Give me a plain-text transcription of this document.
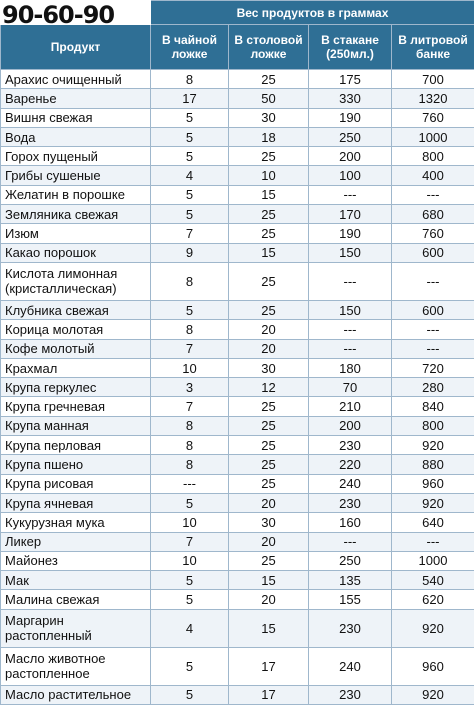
	Вес продуктов в граммах			
Продукт	В чайной ложке	В столовой ложке	В стакане (250мл.)	В литровой банке
Арахис очищенный	8	25	175	700
Варенье	17	50	330	1320
Вишня свежая	5	30	190	760
Вода	5	18	250	1000
Горох пущеный	5	25	200	800
Грибы сушеные	4	10	100	400
Желатин в порошке	5	15	---	---
Земляника свежая	5	25	170	680
Изюм	7	25	190	760
Какао порошок	9	15	150	600
Кислота лимонная (кристаллическая)	8	25	---	---
Клубника свежая	5	25	150	600
Корица молотая	8	20	---	---
Кофе молотый	7	20	---	---
Крахмал	10	30	180	720
Крупа геркулес	3	12	70	280
Крупа гречневая	7	25	210	840
Крупа манная	8	25	200	800
Крупа перловая	8	25	230	920
Крупа пшено	8	25	220	880
Крупа рисовая	---	25	240	960
Крупа ячневая	5	20	230	920
Кукурузная мука	10	30	160	640
Ликер	7	20	---	---
Майонез	10	25	250	1000
Мак	5	15	135	540
Малина свежая	5	20	155	620
Маргарин растопленный	4	15	230	920
Масло животное растопленное	5	17	240	960
Масло растительное	5	17	230	920
90-60-90
